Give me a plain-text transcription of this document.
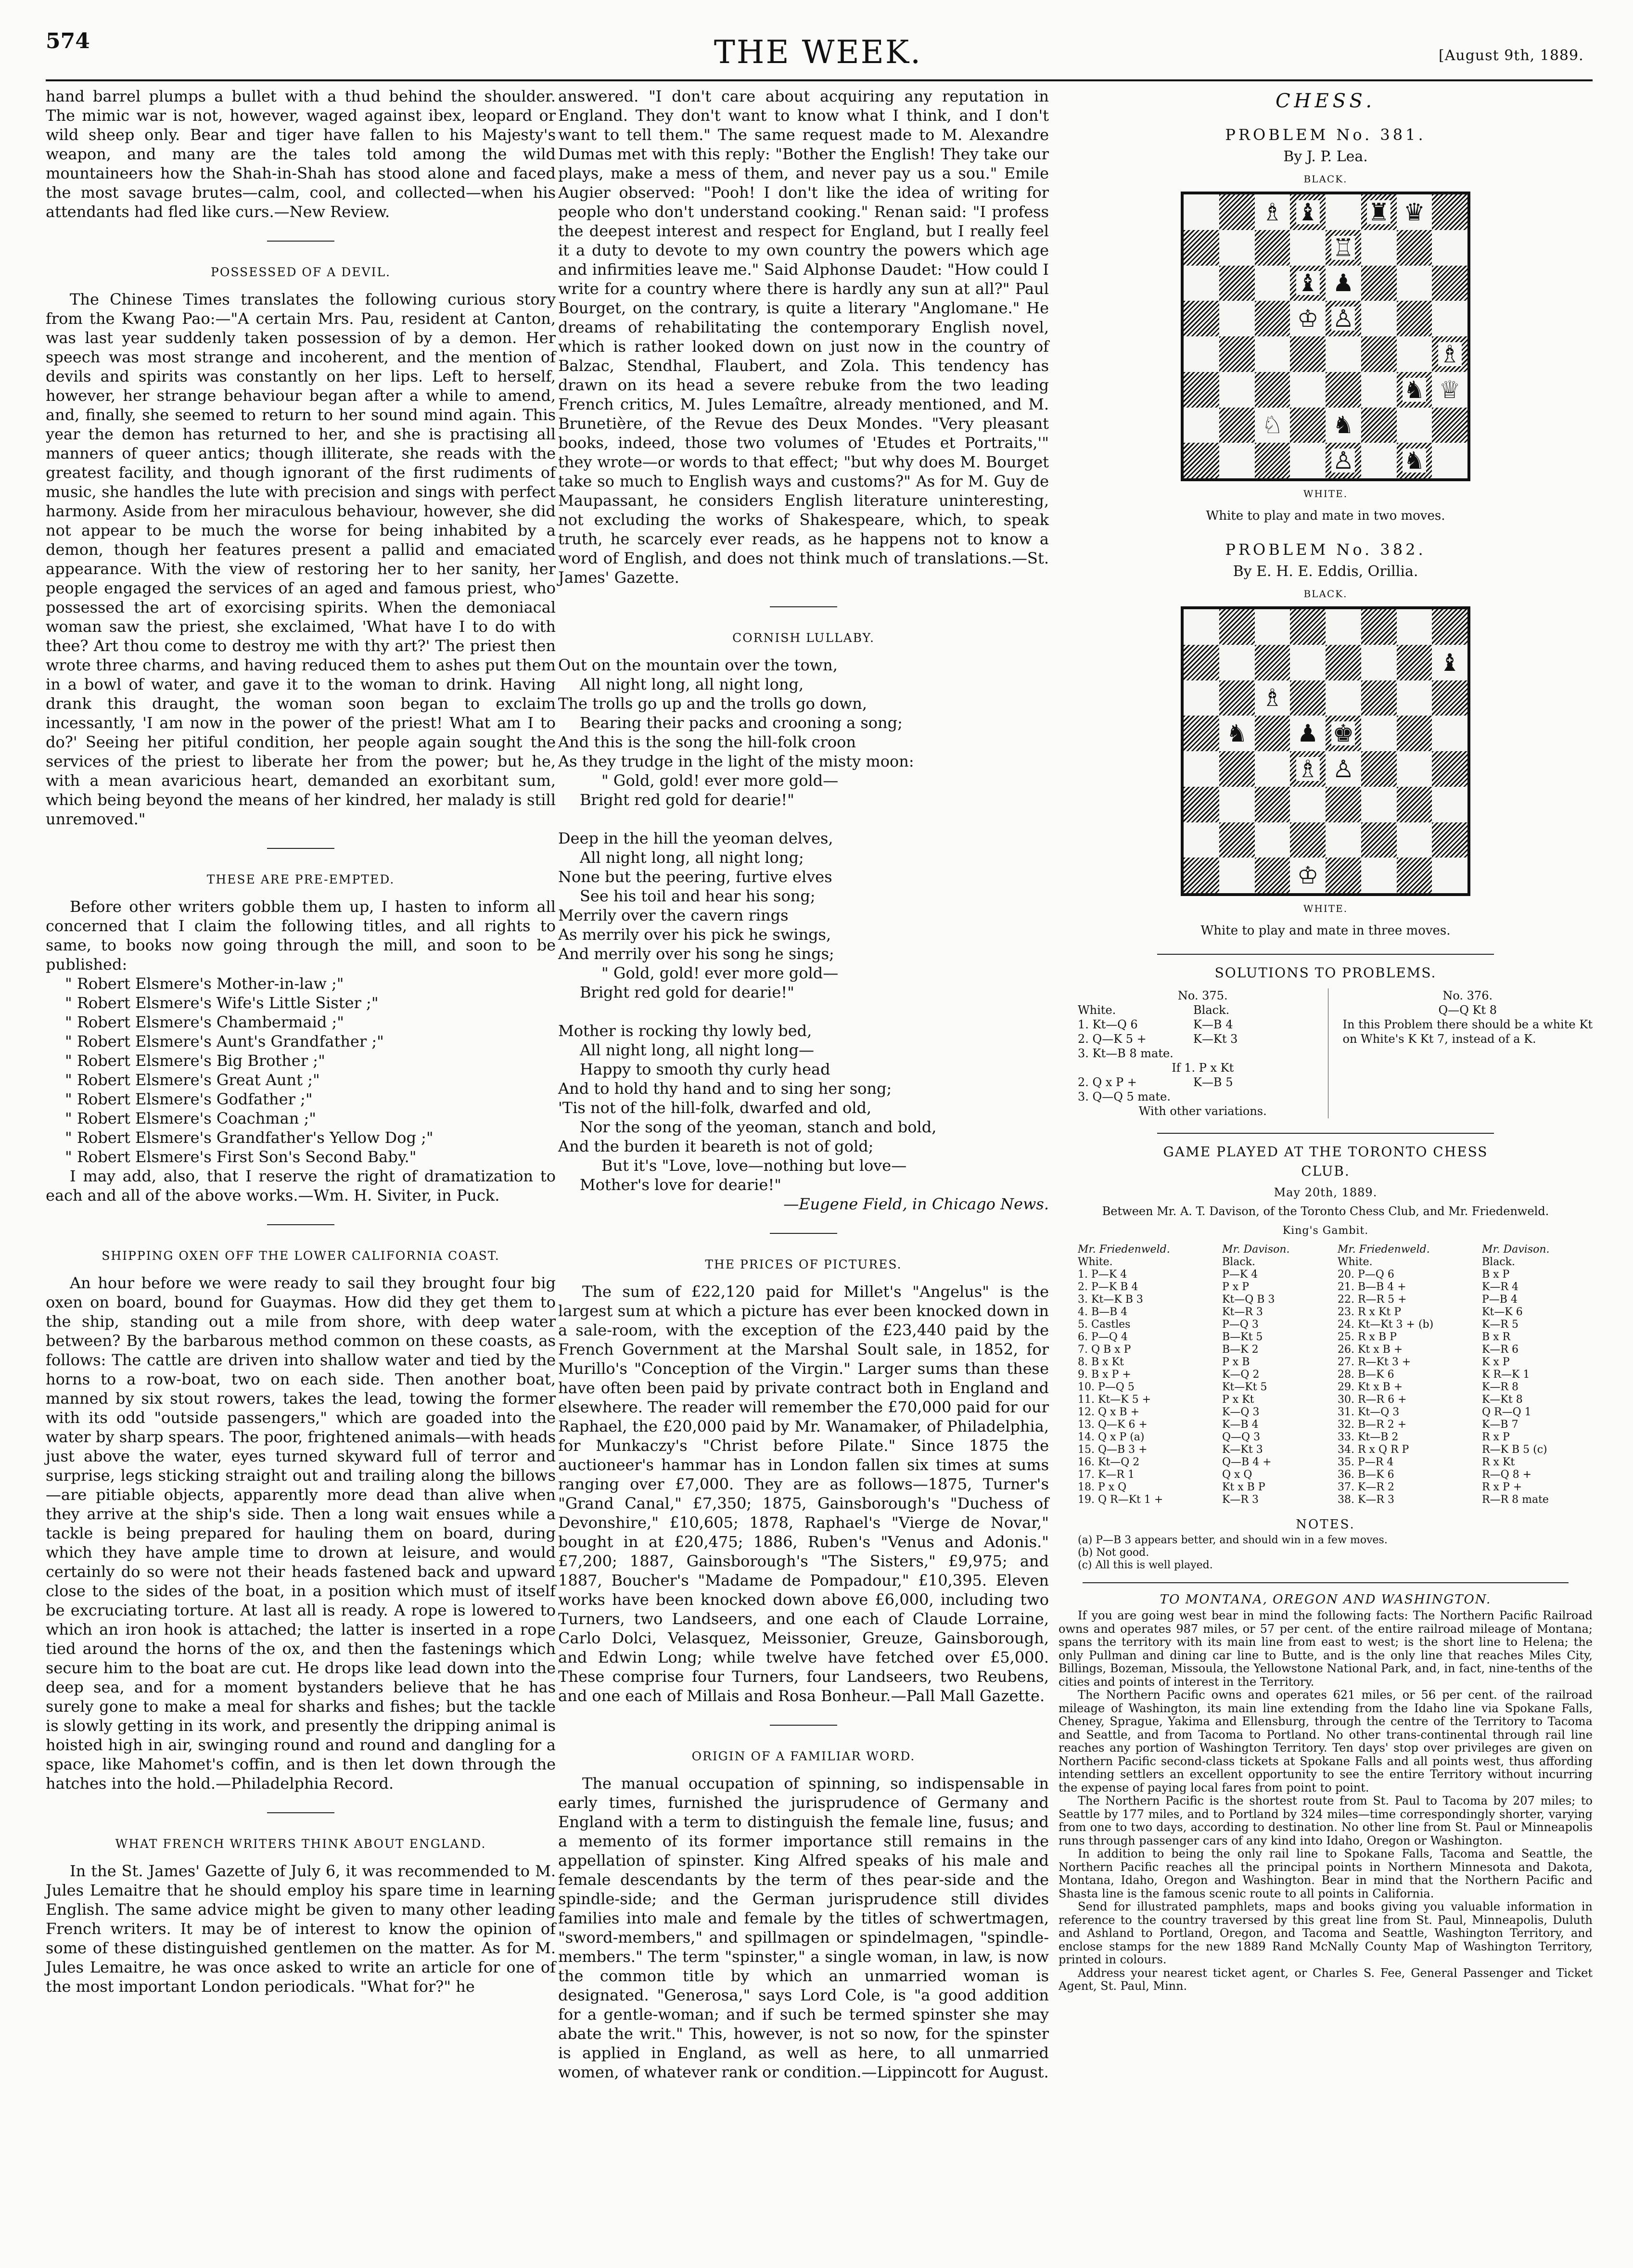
574	THE WEEK.	[August 9th, 1889.

hand barrel plumps a bullet with a thud behind the shoulder. The mimic war is not, however, waged against ibex, leopard or wild sheep only. Bear and tiger have fallen to his Majesty's weapon, and many are the tales told among the wild mountaineers how the Shah-in-Shah has stood alone and faced the most savage brutes—calm, cool, and collected—when his attendants had fled like curs.—New Review.

POSSESSED OF A DEVIL.

The Chinese Times translates the following curious story from the Kwang Pao:—"A certain Mrs. Pau, resident at Canton, was last year suddenly taken possession of by a demon. Her speech was most strange and incoherent, and the mention of devils and spirits was constantly on her lips. Left to herself, however, her strange behaviour began after a while to amend, and, finally, she seemed to return to her sound mind again. This year the demon has returned to her, and she is practising all manners of queer antics; though illiterate, she reads with the greatest facility, and though ignorant of the first rudiments of music, she handles the lute with precision and sings with perfect harmony. Aside from her miraculous behaviour, however, she did not appear to be much the worse for being inhabited by a demon, though her features present a pallid and emaciated appearance. With the view of restoring her to her sanity, her people engaged the services of an aged and famous priest, who possessed the art of exorcising spirits. When the demoniacal woman saw the priest, she exclaimed, 'What have I to do with thee? Art thou come to destroy me with thy art?' The priest then wrote three charms, and having reduced them to ashes put them in a bowl of water, and gave it to the woman to drink. Having drank this draught, the woman soon began to exclaim incessantly, 'I am now in the power of the priest! What am I to do?' Seeing her pitiful condition, her people again sought the services of the priest to liberate her from the power; but he, with a mean avaricious heart, demanded an exorbitant sum, which being beyond the means of her kindred, her malady is still unremoved."

THESE ARE PRE-EMPTED.

Before other writers gobble them up, I hasten to inform all concerned that I claim the following titles, and all rights to same, to books now going through the mill, and soon to be published:

" Robert Elsmere's Mother-in-law ;"
" Robert Elsmere's Wife's Little Sister ;"
" Robert Elsmere's Chambermaid ;"
" Robert Elsmere's Aunt's Grandfather ;"
" Robert Elsmere's Big Brother ;"
" Robert Elsmere's Great Aunt ;"
" Robert Elsmere's Godfather ;"
" Robert Elsmere's Coachman ;"
" Robert Elsmere's Grandfather's Yellow Dog ;"
" Robert Elsmere's First Son's Second Baby."

I may add, also, that I reserve the right of dramatization to each and all of the above works.—Wm. H. Siviter, in Puck.

SHIPPING OXEN OFF THE LOWER CALIFORNIA COAST.

An hour before we were ready to sail they brought four big oxen on board, bound for Guaymas. How did they get them to the ship, standing out a mile from shore, with deep water between? By the barbarous method common on these coasts, as follows: The cattle are driven into shallow water and tied by the horns to a row-boat, two on each side. Then another boat, manned by six stout rowers, takes the lead, towing the former with its odd "outside passengers," which are goaded into the water by sharp spears. The poor, frightened animals—with heads just above the water, eyes turned skyward full of terror and surprise, legs sticking straight out and trailing along the billows—are pitiable objects, apparently more dead than alive when they arrive at the ship's side. Then a long wait ensues while a tackle is being prepared for hauling them on board, during which they have ample time to drown at leisure, and would certainly do so were not their heads fastened back and upward close to the sides of the boat, in a position which must of itself be excruciating torture. At last all is ready. A rope is lowered to which an iron hook is attached; the latter is inserted in a rope tied around the horns of the ox, and then the fastenings which secure him to the boat are cut. He drops like lead down into the deep sea, and for a moment bystanders believe that he has surely gone to make a meal for sharks and fishes; but the tackle is slowly getting in its work, and presently the dripping animal is hoisted high in air, swinging round and round and dangling for a space, like Mahomet's coffin, and is then let down through the hatches into the hold.—Philadelphia Record.

WHAT FRENCH WRITERS THINK ABOUT ENGLAND.

In the St. James' Gazette of July 6, it was recommended to M. Jules Lemaitre that he should employ his spare time in learning English. The same advice might be given to many other leading French writers. It may be of interest to know the opinion of some of these distinguished gentlemen on the matter. As for M. Jules Lemaitre, he was once asked to write an article for one of the most important London periodicals. "What for?" he

answered. "I don't care about acquiring any reputation in England. They don't want to know what I think, and I don't want to tell them." The same request made to M. Alexandre Dumas met with this reply: "Bother the English! They take our plays, make a mess of them, and never pay us a sou." Emile Augier observed: "Pooh! I don't like the idea of writing for people who don't understand cooking." Renan said: "I profess the deepest interest and respect for England, but I really feel it a duty to devote to my own country the powers which age and infirmities leave me." Said Alphonse Daudet: "How could I write for a country where there is hardly any sun at all?" Paul Bourget, on the contrary, is quite a literary "Anglomane." He dreams of rehabilitating the contemporary English novel, which is rather looked down on just now in the country of Balzac, Stendhal, Flaubert, and Zola. This tendency has drawn on its head a severe rebuke from the two leading French critics, M. Jules Lemaître, already mentioned, and M. Brunetière, of the Revue des Deux Mondes. "Very pleasant books, indeed, those two volumes of 'Etudes et Portraits,'" they wrote—or words to that effect; "but why does M. Bourget take so much to English ways and customs?" As for M. Guy de Maupassant, he considers English literature uninteresting, not excluding the works of Shakespeare, which, to speak truth, he scarcely ever reads, as he happens not to know a word of English, and does not think much of translations.—St. James' Gazette.

CORNISH LULLABY.
Out on the mountain over the town,
All night long, all night long,
The trolls go up and the trolls go down,
Bearing their packs and crooning a song;
And this is the song the hill-folk croon
As they trudge in the light of the misty moon:
" Gold, gold! ever more gold—
Bright red gold for dearie!"
Deep in the hill the yeoman delves,
All night long, all night long;
None but the peering, furtive elves
See his toil and hear his song;
Merrily over the cavern rings
As merrily over his pick he swings,
And merrily over his song he sings;
" Gold, gold! ever more gold—
Bright red gold for dearie!"
Mother is rocking thy lowly bed,
All night long, all night long—
Happy to smooth thy curly head
And to hold thy hand and to sing her song;
'Tis not of the hill-folk, dwarfed and old,
Nor the song of the yeoman, stanch and bold,
And the burden it beareth is not of gold;
But it's "Love, love—nothing but love—
Mother's love for dearie!"
—Eugene Field, in Chicago News.
THE PRICES OF PICTURES.

The sum of £22,120 paid for Millet's "Angelus" is the largest sum at which a picture has ever been knocked down in a sale-room, with the exception of the £23,440 paid by the French Government at the Marshal Soult sale, in 1852, for Murillo's "Conception of the Virgin." Larger sums than these have often been paid by private contract both in England and elsewhere. The reader will remember the £70,000 paid for our Raphael, the £20,000 paid by Mr. Wanamaker, of Philadelphia, for Munkaczy's "Christ before Pilate." Since 1875 the auctioneer's hammar has in London fallen six times at sums ranging over £7,000. They are as follows—1875, Turner's "Grand Canal," £7,350; 1875, Gainsborough's "Duchess of Devonshire," £10,605; 1878, Raphael's "Vierge de Novar," bought in at £20,475; 1886, Ruben's "Venus and Adonis." £7,200; 1887, Gainsborough's "The Sisters," £9,975; and 1887, Boucher's "Madame de Pompadour," £10,395. Eleven works have been knocked down above £6,000, including two Turners, two Landseers, and one each of Claude Lorraine, Carlo Dolci, Velasquez, Meissonier, Greuze, Gainsborough, and Edwin Long; while twelve have fetched over £5,000. These comprise four Turners, four Landseers, two Reubens, and one each of Millais and Rosa Bonheur.—Pall Mall Gazette.

ORIGIN OF A FAMILIAR WORD.

The manual occupation of spinning, so indispensable in early times, furnished the jurisprudence of Germany and England with a term to distinguish the female line, fusus; and a memento of its former importance still remains in the appellation of spinster. King Alfred speaks of his male and female descendants by the term of thes pear-side and the spindle-side; and the German jurisprudence still divides families into male and female by the titles of schwertmagen, "sword-members," and spillmagen or spindelmagen, "spindle-members." The term "spinster," a single woman, in law, is now the common title by which an unmarried woman is designated. "Generosa," says Lord Cole, is "a good addition for a gentle-woman; and if such be termed spinster she may abate the writ." This, however, is not so now, for the spinster is applied in England, as well as here, to all unmarried women, of whatever rank or condition.—Lippincott for August.

CHESS.
PROBLEM No. 381.
By J. P. Lea.
BLACK.
♗ ♝ ♜ ♛
♖
♝ ♟
♔ ♙
♗
♞ ♕
♘ ♞
♙ ♞
WHITE.
White to play and mate in two moves.
PROBLEM No. 382.
By E. H. E. Eddis, Orillia.
BLACK.
♝
♗
♞ ♟ ♚
♗ ♙
♔
WHITE.
White to play and mate in three moves.
SOLUTIONS TO PROBLEMS.
No. 375.
White.	Black.
1. Kt—Q 6	K—B 4
2. Q—K 5 +	K—Kt 3
3. Kt—B 8 mate.
If 1. P x Kt
2. Q x P +	K—B 5
3. Q—Q 5 mate.
With other variations.
No. 376.
Q—Q Kt 8
In this Problem there should be a white Kt on White's K Kt 7, instead of a K.
GAME PLAYED AT THE TORONTO CHESS CLUB.
May 20th, 1889.
Between Mr. A. T. Davison, of the Toronto Chess Club, and Mr. Friedenweld.
King's Gambit.
Mr. Friedenweld.	Mr. Davison.	Mr. Friedenweld.	Mr. Davison.
White.	Black.	White.	Black.
1. P—K 4	P—K 4	20. P—Q 6	B x P
2. P—K B 4	P x P	21. B—B 4 +	K—R 4
3. Kt—K B 3	Kt—Q B 3	22. R—R 5 +	P—B 4
4. B—B 4	Kt—R 3	23. R x Kt P	Kt—K 6
5. Castles	P—Q 3	24. Kt—Kt 3 + (b)	K—R 5
6. P—Q 4	B—Kt 5	25. R x B P	B x R
7. Q B x P	B—K 2	26. Kt x B +	K—R 6
8. B x Kt	P x B	27. R—Kt 3 +	K x P
9. B x P +	K—Q 2	28. B—K 6	K R—K 1
10. P—Q 5	Kt—Kt 5	29. Kt x B +	K—R 8
11. Kt—K 5 +	P x Kt	30. R—R 6 +	K—Kt 8
12. Q x B +	K—Q 3	31. Kt—Q 3	Q R—Q 1
13. Q—K 6 +	K—B 4	32. B—R 2 +	K—B 7
14. Q x P (a)	Q—Q 3	33. Kt—B 2	R x P
15. Q—B 3 +	K—Kt 3	34. R x Q R P	R—K B 5 (c)
16. Kt—Q 2	Q—B 4 +	35. P—R 4	R x Kt
17. K—R 1	Q x Q	36. B—K 6	R—Q 8 +
18. P x Q	Kt x B P	37. K—R 2	R x P +
19. Q R—Kt 1 +	K—R 3	38. K—R 3	R—R 8 mate
NOTES.
(a) P—B 3 appears better, and should win in a few moves.
(b) Not good.
(c) All this is well played.
TO MONTANA, OREGON AND WASHINGTON.

If you are going west bear in mind the following facts: The Northern Pacific Railroad owns and operates 987 miles, or 57 per cent. of the entire railroad mileage of Montana; spans the territory with its main line from east to west; is the short line to Helena; the only Pullman and dining car line to Butte, and is the only line that reaches Miles City, Billings, Bozeman, Missoula, the Yellowstone National Park, and, in fact, nine-tenths of the cities and points of interest in the Territory.

The Northern Pacific owns and operates 621 miles, or 56 per cent. of the railroad mileage of Washington, its main line extending from the Idaho line via Spokane Falls, Cheney, Sprague, Yakima and Ellensburg, through the centre of the Territory to Tacoma and Seattle, and from Tacoma to Portland. No other trans-continental through rail line reaches any portion of Washington Territory. Ten days' stop over privileges are given on Northern Pacific second-class tickets at Spokane Falls and all points west, thus affording intending settlers an excellent opportunity to see the entire Territory without incurring the expense of paying local fares from point to point.

The Northern Pacific is the shortest route from St. Paul to Tacoma by 207 miles; to Seattle by 177 miles, and to Portland by 324 miles—time correspondingly shorter, varying from one to two days, according to destination. No other line from St. Paul or Minneapolis runs through passenger cars of any kind into Idaho, Oregon or Washington.

In addition to being the only rail line to Spokane Falls, Tacoma and Seattle, the Northern Pacific reaches all the principal points in Northern Minnesota and Dakota, Montana, Idaho, Oregon and Washington. Bear in mind that the Northern Pacific and Shasta line is the famous scenic route to all points in California.

Send for illustrated pamphlets, maps and books giving you valuable information in reference to the country traversed by this great line from St. Paul, Minneapolis, Duluth and Ashland to Portland, Oregon, and Tacoma and Seattle, Washington Territory, and enclose stamps for the new 1889 Rand McNally County Map of Washington Territory, printed in colours.

Address your nearest ticket agent, or Charles S. Fee, General Passenger and Ticket Agent, St. Paul, Minn.
